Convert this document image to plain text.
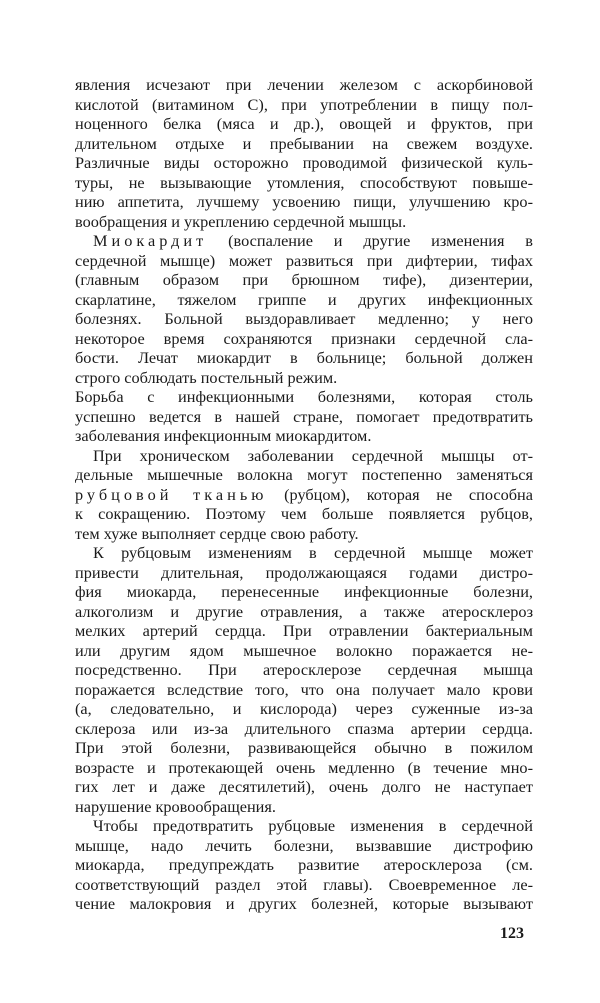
явления исчезают при лечении железом с аскорбиновой
кислотой (витамином С), при употреблении в пищу пол-
ноценного белка (мяса и др.), овощей и фруктов, при
длительном отдыхе и пребывании на свежем воздухе.
Различные виды осторожно проводимой физической куль-
туры, не вызывающие утомления, способствуют повыше-
нию аппетита, лучшему усвоению пищи, улучшению кро-
вообращения и укреплению сердечной мышцы.
Миокардит (воспаление и другие изменения в
сердечной мышце) может развиться при дифтерии, тифах
(главным образом при брюшном тифе), дизентерии,
скарлатине, тяжелом гриппе и других инфекционных
болезнях. Больной выздоравливает медленно; у него
некоторое время сохраняются признаки сердечной сла-
бости. Лечат миокардит в больнице; больной должен
строго соблюдать постельный режим.
Борьба с инфекционными болезнями, которая столь
успешно ведется в нашей стране, помогает предотвратить
заболевания инфекционным миокардитом.
При хроническом заболевании сердечной мышцы от-
дельные мышечные волокна могут постепенно заменяться
рубцовой тканью (рубцом), которая не способна
к сокращению. Поэтому чем больше появляется рубцов,
тем хуже выполняет сердце свою работу.
К рубцовым изменениям в сердечной мышце может
привести длительная, продолжающаяся годами дистро-
фия миокарда, перенесенные инфекционные болезни,
алкоголизм и другие отравления, а также атеросклероз
мелких артерий сердца. При отравлении бактериальным
или другим ядом мышечное волокно поражается не-
посредственно. При атеросклерозе сердечная мышца
поражается вследствие того, что она получает мало крови
(а, следовательно, и кислорода) через суженные из-за
склероза или из-за длительного спазма артерии сердца.
При этой болезни, развивающейся обычно в пожилом
возрасте и протекающей очень медленно (в течение мно-
гих лет и даже десятилетий), очень долго не наступает
нарушение кровообращения.
Чтобы предотвратить рубцовые изменения в сердечной
мышце, надо лечить болезни, вызвавшие дистрофию
миокарда, предупреждать развитие атеросклероза (см.
соответствующий раздел этой главы). Своевременное ле-
чение малокровия и других болезней, которые вызывают
123
